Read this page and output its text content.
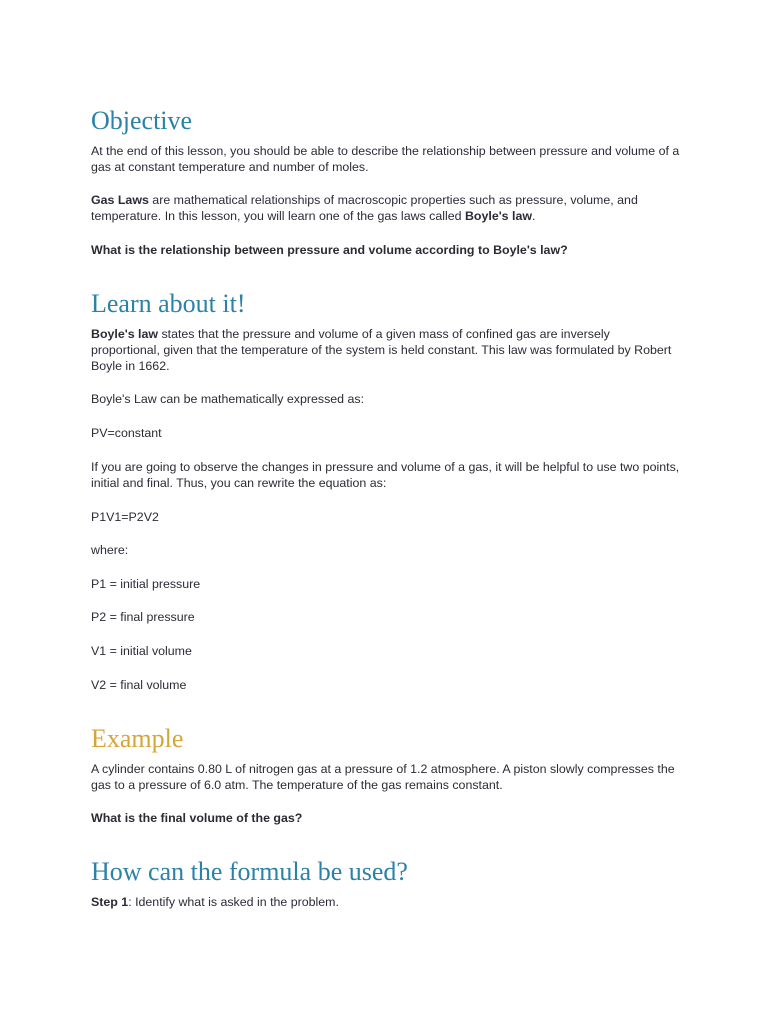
Objective

At the end of this lesson, you should be able to describe the relationship between pressure and volume of a gas at constant temperature and number of moles.

Gas Laws are mathematical relationships of macroscopic properties such as pressure, volume, and temperature. In this lesson, you will learn one of the gas laws called Boyle's law.

What is the relationship between pressure and volume according to Boyle's law?

Learn about it!

Boyle's law states that the pressure and volume of a given mass of confined gas are inversely proportional, given that the temperature of the system is held constant. This law was formulated by Robert Boyle in 1662.

Boyle's Law can be mathematically expressed as:

PV=constant

If you are going to observe the changes in pressure and volume of a gas, it will be helpful to use two points, initial and final. Thus, you can rewrite the equation as:

P1V1=P2V2

where:

P1 = initial pressure

P2 = final pressure

V1 = initial volume

V2 = final volume

Example

A cylinder contains 0.80 L of nitrogen gas at a pressure of 1.2 atmosphere. A piston slowly compresses the gas to a pressure of 6.0 atm. The temperature of the gas remains constant.

What is the final volume of the gas?

How can the formula be used?

Step 1: Identify what is asked in the problem.
